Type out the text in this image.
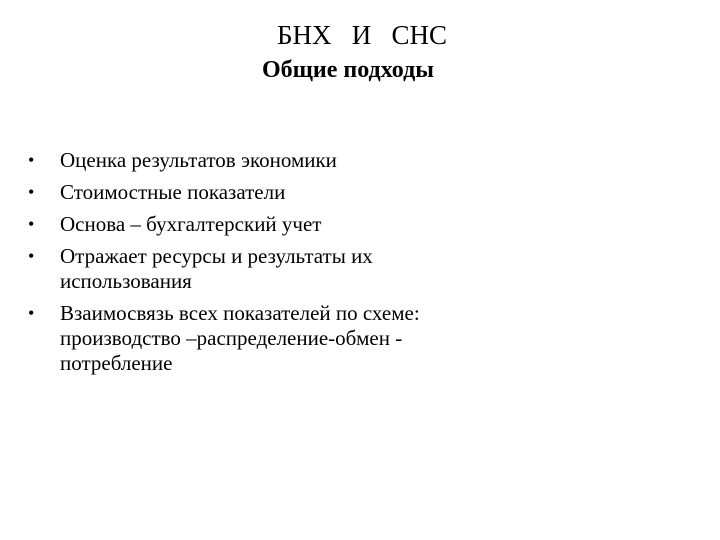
БНХ   И   СНС
Общие подходы
• Оценка результатов экономики
• Стоимостные показатели
• Основа – бухгалтерский учет
• Отражает ресурсы и результаты их использования
• Взаимосвязь всех показателей по схеме: производство –распределение-обмен - потребление
